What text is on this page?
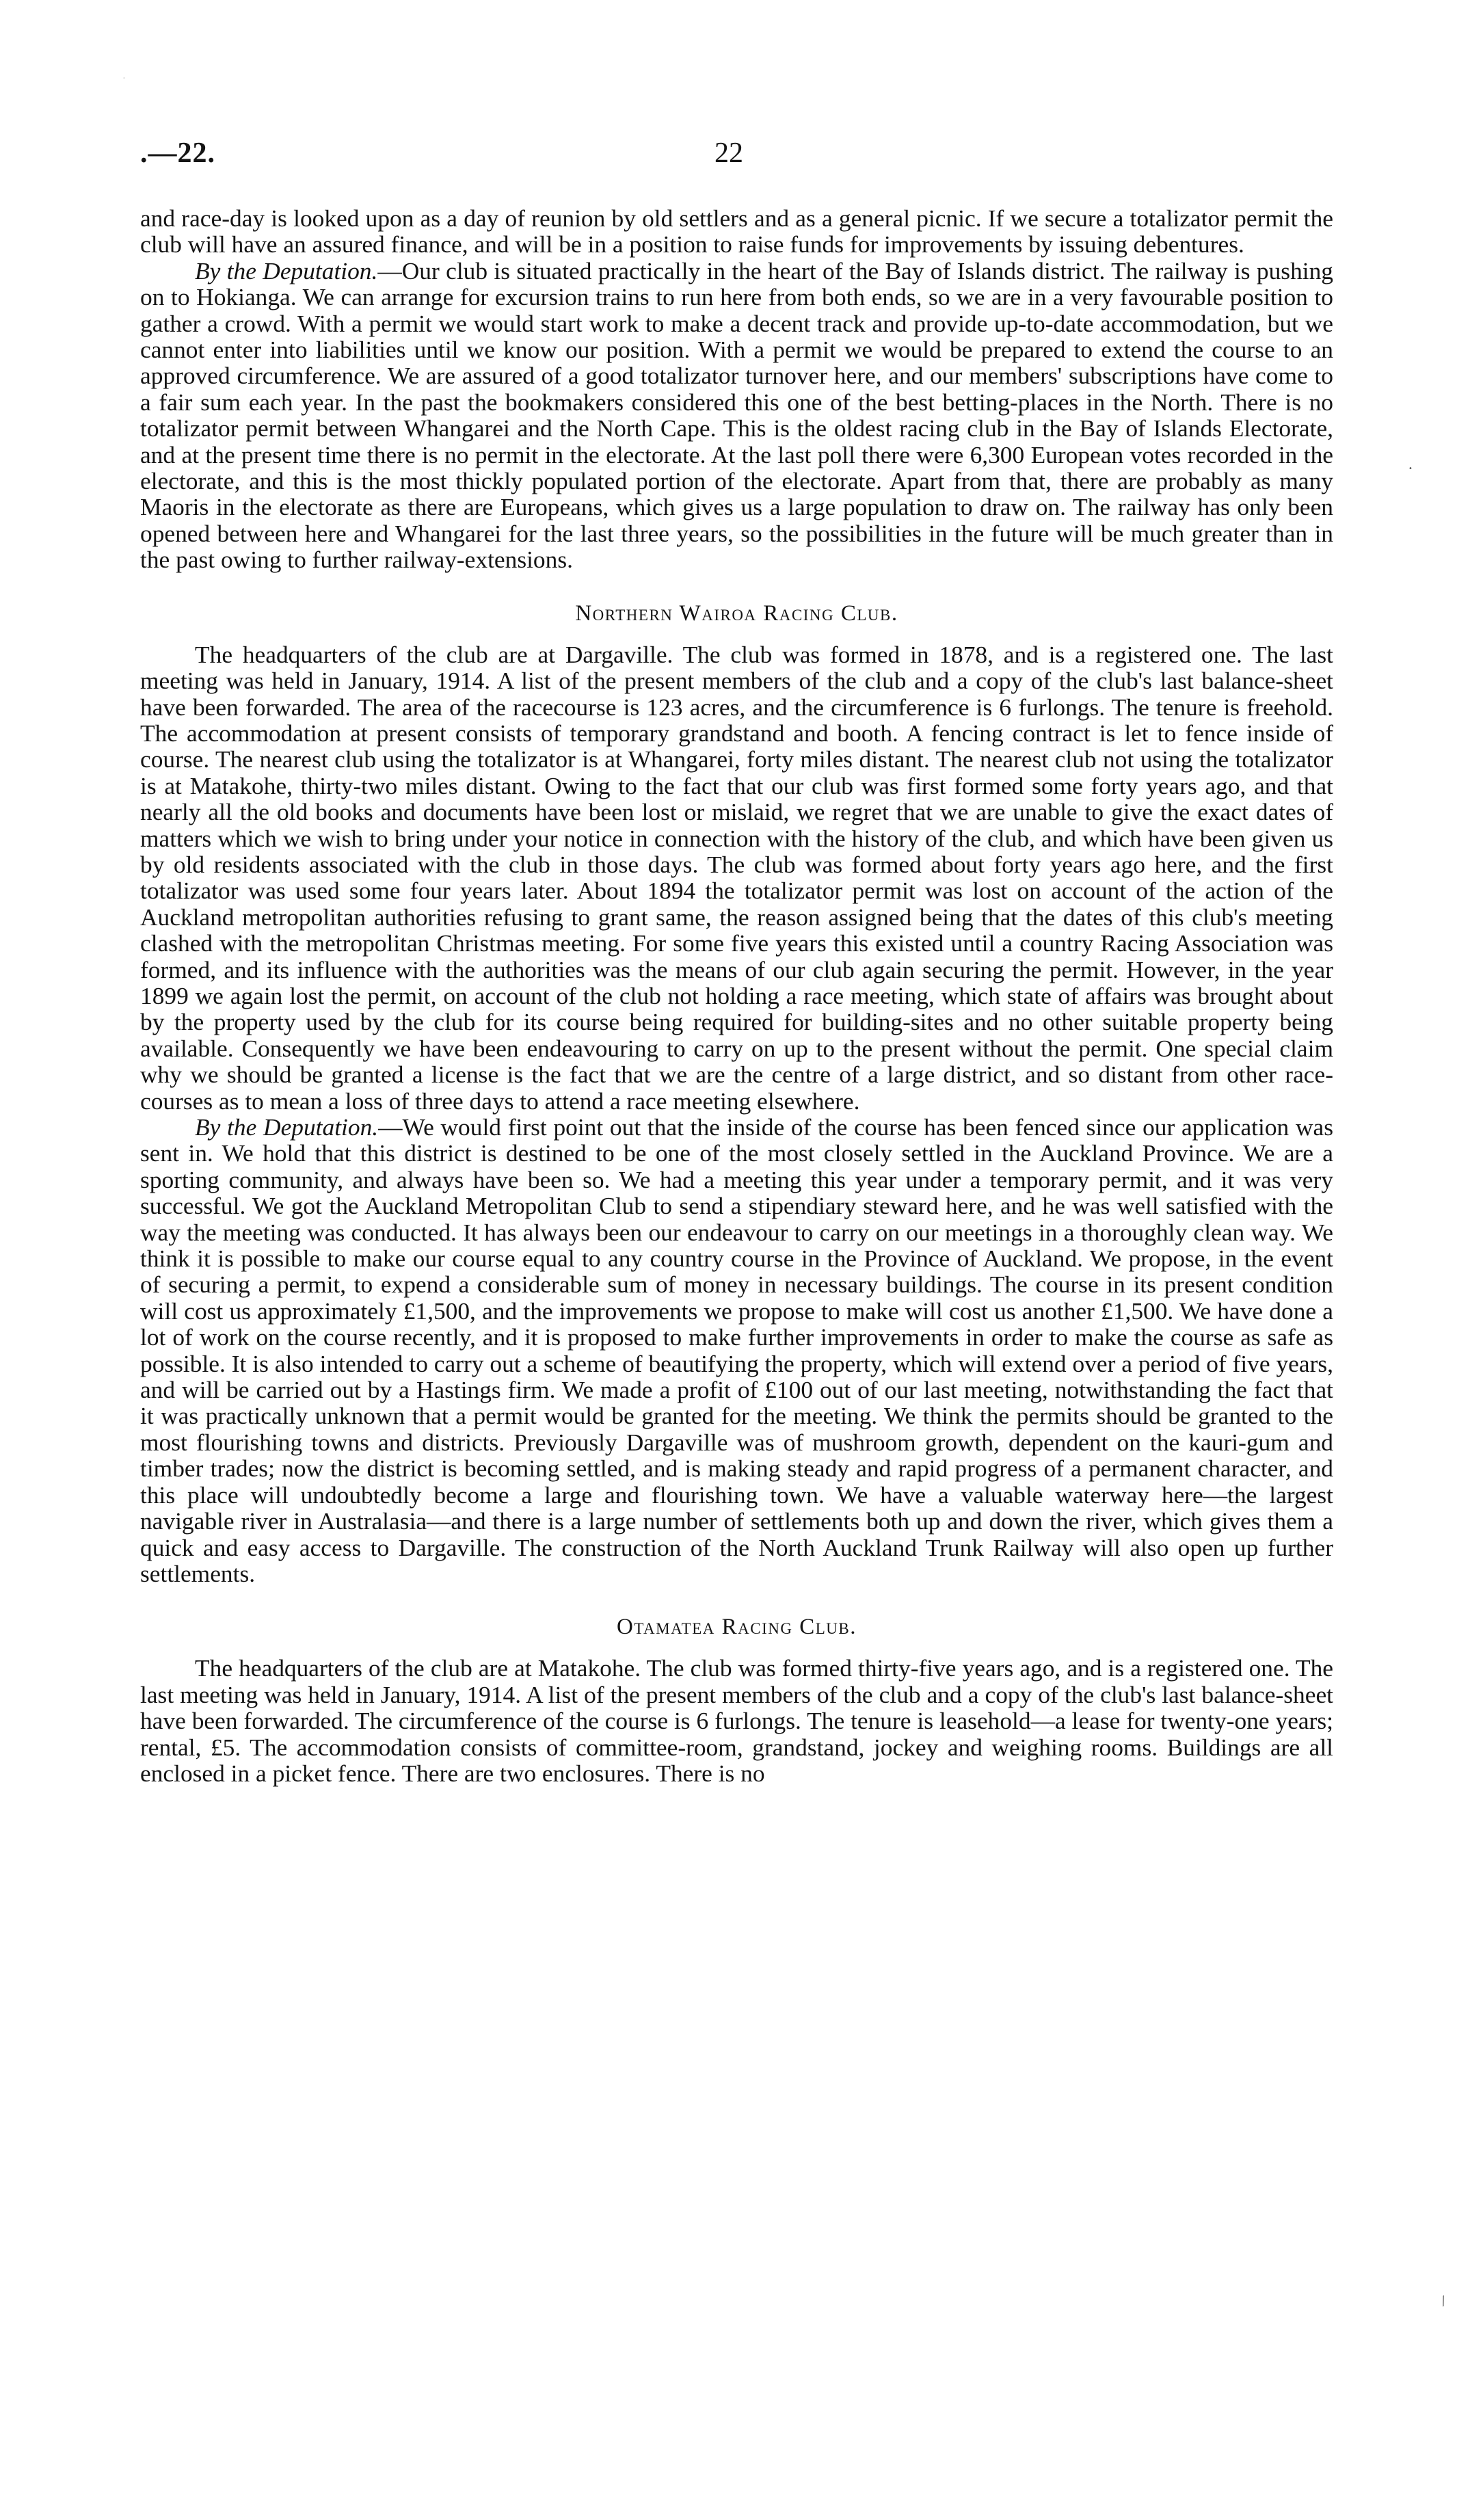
.—22.	22

and race-day is looked upon as a day of reunion by old settlers and as a general picnic. If we secure a totalizator permit the club will have an assured finance, and will be in a position to raise funds for improvements by issuing debentures.

By the Deputation.—Our club is situated practically in the heart of the Bay of Islands district. The railway is pushing on to Hokianga. We can arrange for excursion trains to run here from both ends, so we are in a very favourable position to gather a crowd. With a permit we would start work to make a decent track and provide up-to-date accommodation, but we cannot enter into liabilities until we know our position. With a permit we would be prepared to extend the course to an approved circumference. We are assured of a good totalizator turnover here, and our members' subscriptions have come to a fair sum each year. In the past the bookmakers considered this one of the best betting-places in the North. There is no totalizator permit between Whangarei and the North Cape. This is the oldest racing club in the Bay of Islands Electorate, and at the present time there is no permit in the electorate. At the last poll there were 6,300 European votes recorded in the electorate, and this is the most thickly populated portion of the electorate. Apart from that, there are probably as many Maoris in the electorate as there are Europeans, which gives us a large population to draw on. The railway has only been opened between here and Whangarei for the last three years, so the possibilities in the future will be much greater than in the past owing to further railway-extensions.

Northern Wairoa Racing Club.

The headquarters of the club are at Dargaville. The club was formed in 1878, and is a registered one. The last meeting was held in January, 1914. A list of the present members of the club and a copy of the club's last balance-sheet have been forwarded. The area of the racecourse is 123 acres, and the circumference is 6 furlongs. The tenure is freehold. The accommodation at present consists of temporary grandstand and booth. A fencing contract is let to fence inside of course. The nearest club using the totalizator is at Whangarei, forty miles distant. The nearest club not using the totalizator is at Matakohe, thirty-two miles distant. Owing to the fact that our club was first formed some forty years ago, and that nearly all the old books and documents have been lost or mislaid, we regret that we are unable to give the exact dates of matters which we wish to bring under your notice in connection with the history of the club, and which have been given us by old residents associated with the club in those days. The club was formed about forty years ago here, and the first totalizator was used some four years later. About 1894 the totalizator permit was lost on account of the action of the Auckland metropolitan authorities refusing to grant same, the reason assigned being that the dates of this club's meeting clashed with the metropolitan Christmas meeting. For some five years this existed until a country Racing Association was formed, and its influence with the authorities was the means of our club again securing the permit. However, in the year 1899 we again lost the permit, on account of the club not holding a race meeting, which state of affairs was brought about by the property used by the club for its course being required for building-sites and no other suitable property being available. Consequently we have been endeavouring to carry on up to the present without the permit. One special claim why we should be granted a license is the fact that we are the centre of a large district, and so distant from other race-courses as to mean a loss of three days to attend a race meeting elsewhere.

By the Deputation.—We would first point out that the inside of the course has been fenced since our application was sent in. We hold that this district is destined to be one of the most closely settled in the Auckland Province. We are a sporting community, and always have been so. We had a meeting this year under a temporary permit, and it was very successful. We got the Auckland Metropolitan Club to send a stipendiary steward here, and he was well satisfied with the way the meeting was conducted. It has always been our endeavour to carry on our meetings in a thoroughly clean way. We think it is possible to make our course equal to any country course in the Province of Auckland. We propose, in the event of securing a permit, to expend a considerable sum of money in necessary buildings. The course in its present condition will cost us approximately £1,500, and the improvements we propose to make will cost us another £1,500. We have done a lot of work on the course recently, and it is proposed to make further improvements in order to make the course as safe as possible. It is also intended to carry out a scheme of beautifying the property, which will extend over a period of five years, and will be carried out by a Hastings firm. We made a profit of £100 out of our last meeting, notwithstanding the fact that it was practically unknown that a permit would be granted for the meeting. We think the permits should be granted to the most flourishing towns and districts. Previously Dargaville was of mushroom growth, dependent on the kauri-gum and timber trades; now the district is becoming settled, and is making steady and rapid progress of a permanent character, and this place will undoubtedly become a large and flourishing town. We have a valuable waterway here—the largest navigable river in Australasia—and there is a large number of settlements both up and down the river, which gives them a quick and easy access to Dargaville. The construction of the North Auckland Trunk Railway will also open up further settlements.

Otamatea Racing Club.

The headquarters of the club are at Matakohe. The club was formed thirty-five years ago, and is a registered one. The last meeting was held in January, 1914. A list of the present members of the club and a copy of the club's last balance-sheet have been forwarded. The circumference of the course is 6 furlongs. The tenure is leasehold—a lease for twenty-one years; rental, £5. The accommodation consists of committee-room, grandstand, jockey and weighing rooms. Buildings are all enclosed in a picket fence. There are two enclosures. There is no

•
·
⁄
